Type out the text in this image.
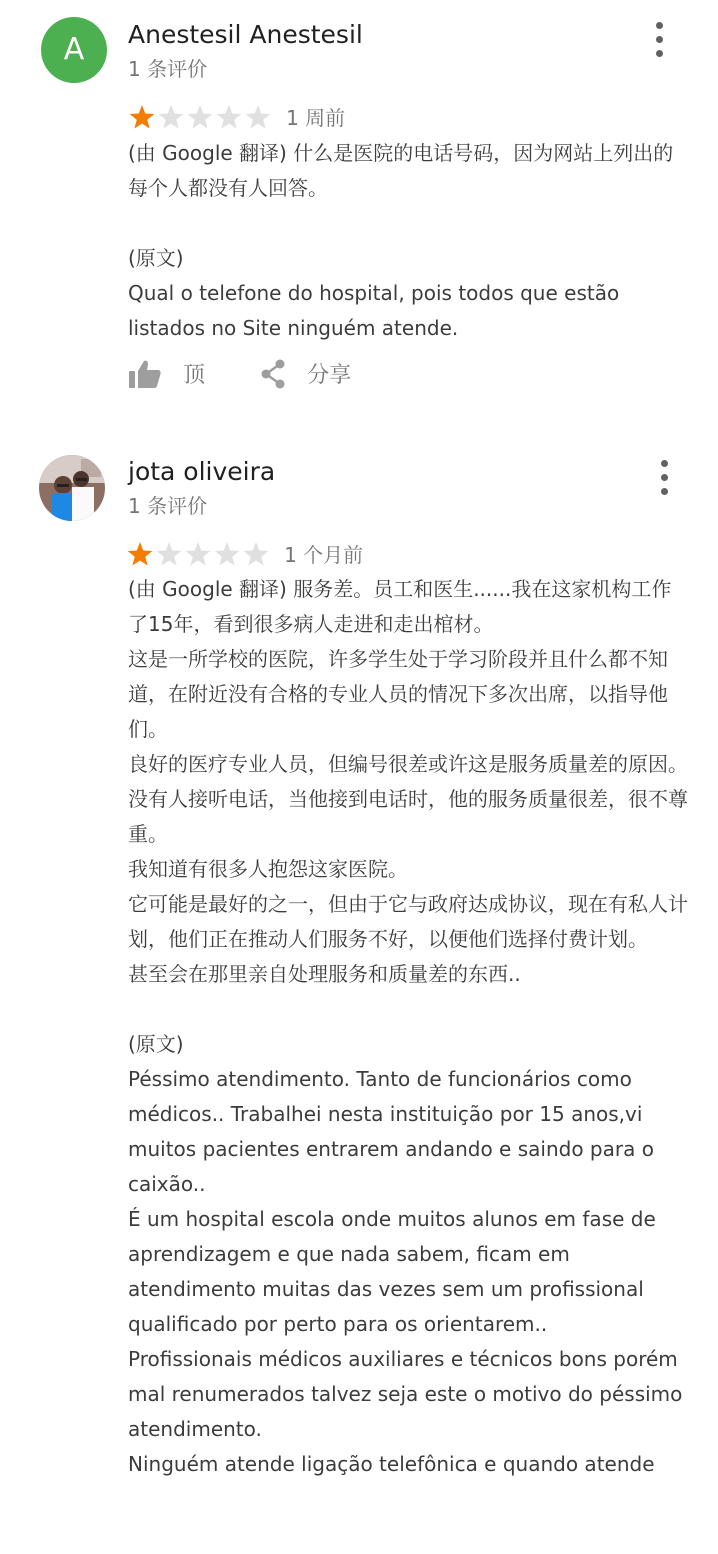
A	Anestesil Anestesil
1 条评价
1 周前

(由 Google 翻译) 什么是医院的电话号码，因为网站上列出的每个人都没有人回答。

(原文)

Qual o telefone do hospital, pois todos que estão listados no Site ninguém atende.

顶	分享
jota oliveira
1 条评价
1 个月前

(由 Google 翻译) 服务差。员工和医生......我在这家机构工作了15年，看到很多病人走进和走出棺材。

这是一所学校的医院，许多学生处于学习阶段并且什么都不知道，在附近没有合格的专业人员的情况下多次出席，以指导他们。

良好的医疗专业人员，但编号很差或许这是服务质量差的原因。

没有人接听电话，当他接到电话时，他的服务质量很差，很不尊重。

我知道有很多人抱怨这家医院。

它可能是最好的之一，但由于它与政府达成协议，现在有私人计划，他们正在推动人们服务不好，以便他们选择付费计划。

甚至会在那里亲自处理服务和质量差的东西..

(原文)

Péssimo atendimento. Tanto de funcionários como médicos.. Trabalhei nesta instituição por 15 anos,vi muitos pacientes entrarem andando e saindo para o caixão..

É um hospital escola onde muitos alunos em fase de aprendizagem e que nada sabem, ficam em atendimento muitas das vezes sem um profissional qualificado por perto para os orientarem..

Profissionais médicos auxiliares e técnicos bons porém mal renumerados talvez seja este o motivo do péssimo atendimento.

Ninguém atende ligação telefônica e quando atende
